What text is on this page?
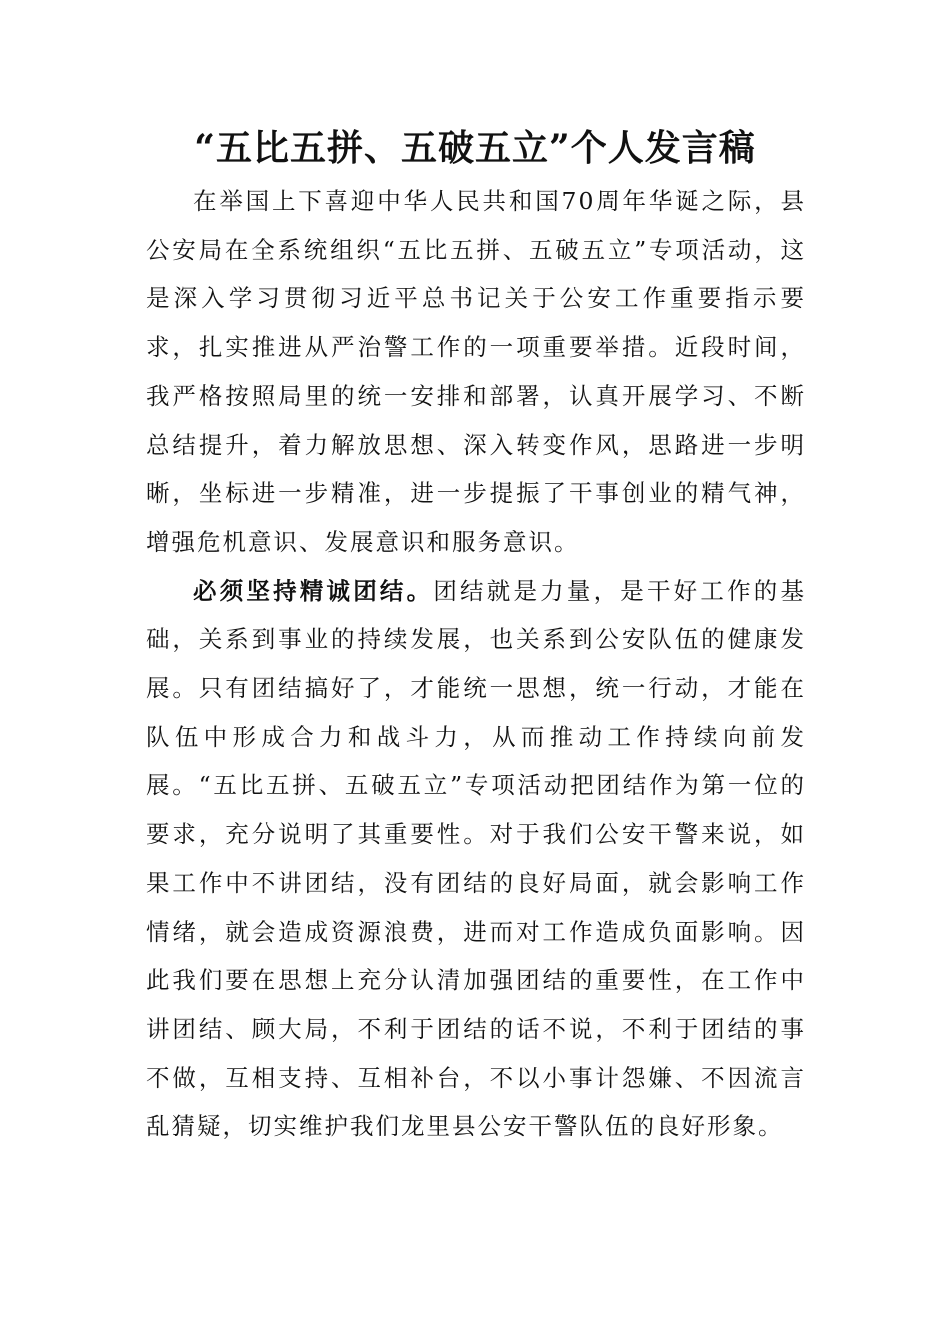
“五比五拼、五破五立”个人发言稿

在举国上下喜迎中华人民共和国70周年华诞之际，县公安局在全系统组织“五比五拼、五破五立”专项活动，这是深入学习贯彻习近平总书记关于公安工作重要指示要求，扎实推进从严治警工作的一项重要举措。近段时间，我严格按照局里的统一安排和部署，认真开展学习、不断总结提升，着力解放思想、深入转变作风，思路进一步明晰，坐标进一步精准，进一步提振了干事创业的精气神，增强危机意识、发展意识和服务意识。

必须坚持精诚团结。团结就是力量，是干好工作的基础，关系到事业的持续发展，也关系到公安队伍的健康发展。只有团结搞好了，才能统一思想，统一行动，才能在队伍中形成合力和战斗力，从而推动工作持续向前发展。“五比五拼、五破五立”专项活动把团结作为第一位的要求，充分说明了其重要性。对于我们公安干警来说，如果工作中不讲团结，没有团结的良好局面，就会影响工作情绪，就会造成资源浪费，进而对工作造成负面影响。因此我们要在思想上充分认清加强团结的重要性，在工作中讲团结、顾大局，不利于团结的话不说，不利于团结的事不做，互相支持、互相补台，不以小事计怨嫌、不因流言乱猜疑，切实维护我们龙里县公安干警队伍的良好形象。
